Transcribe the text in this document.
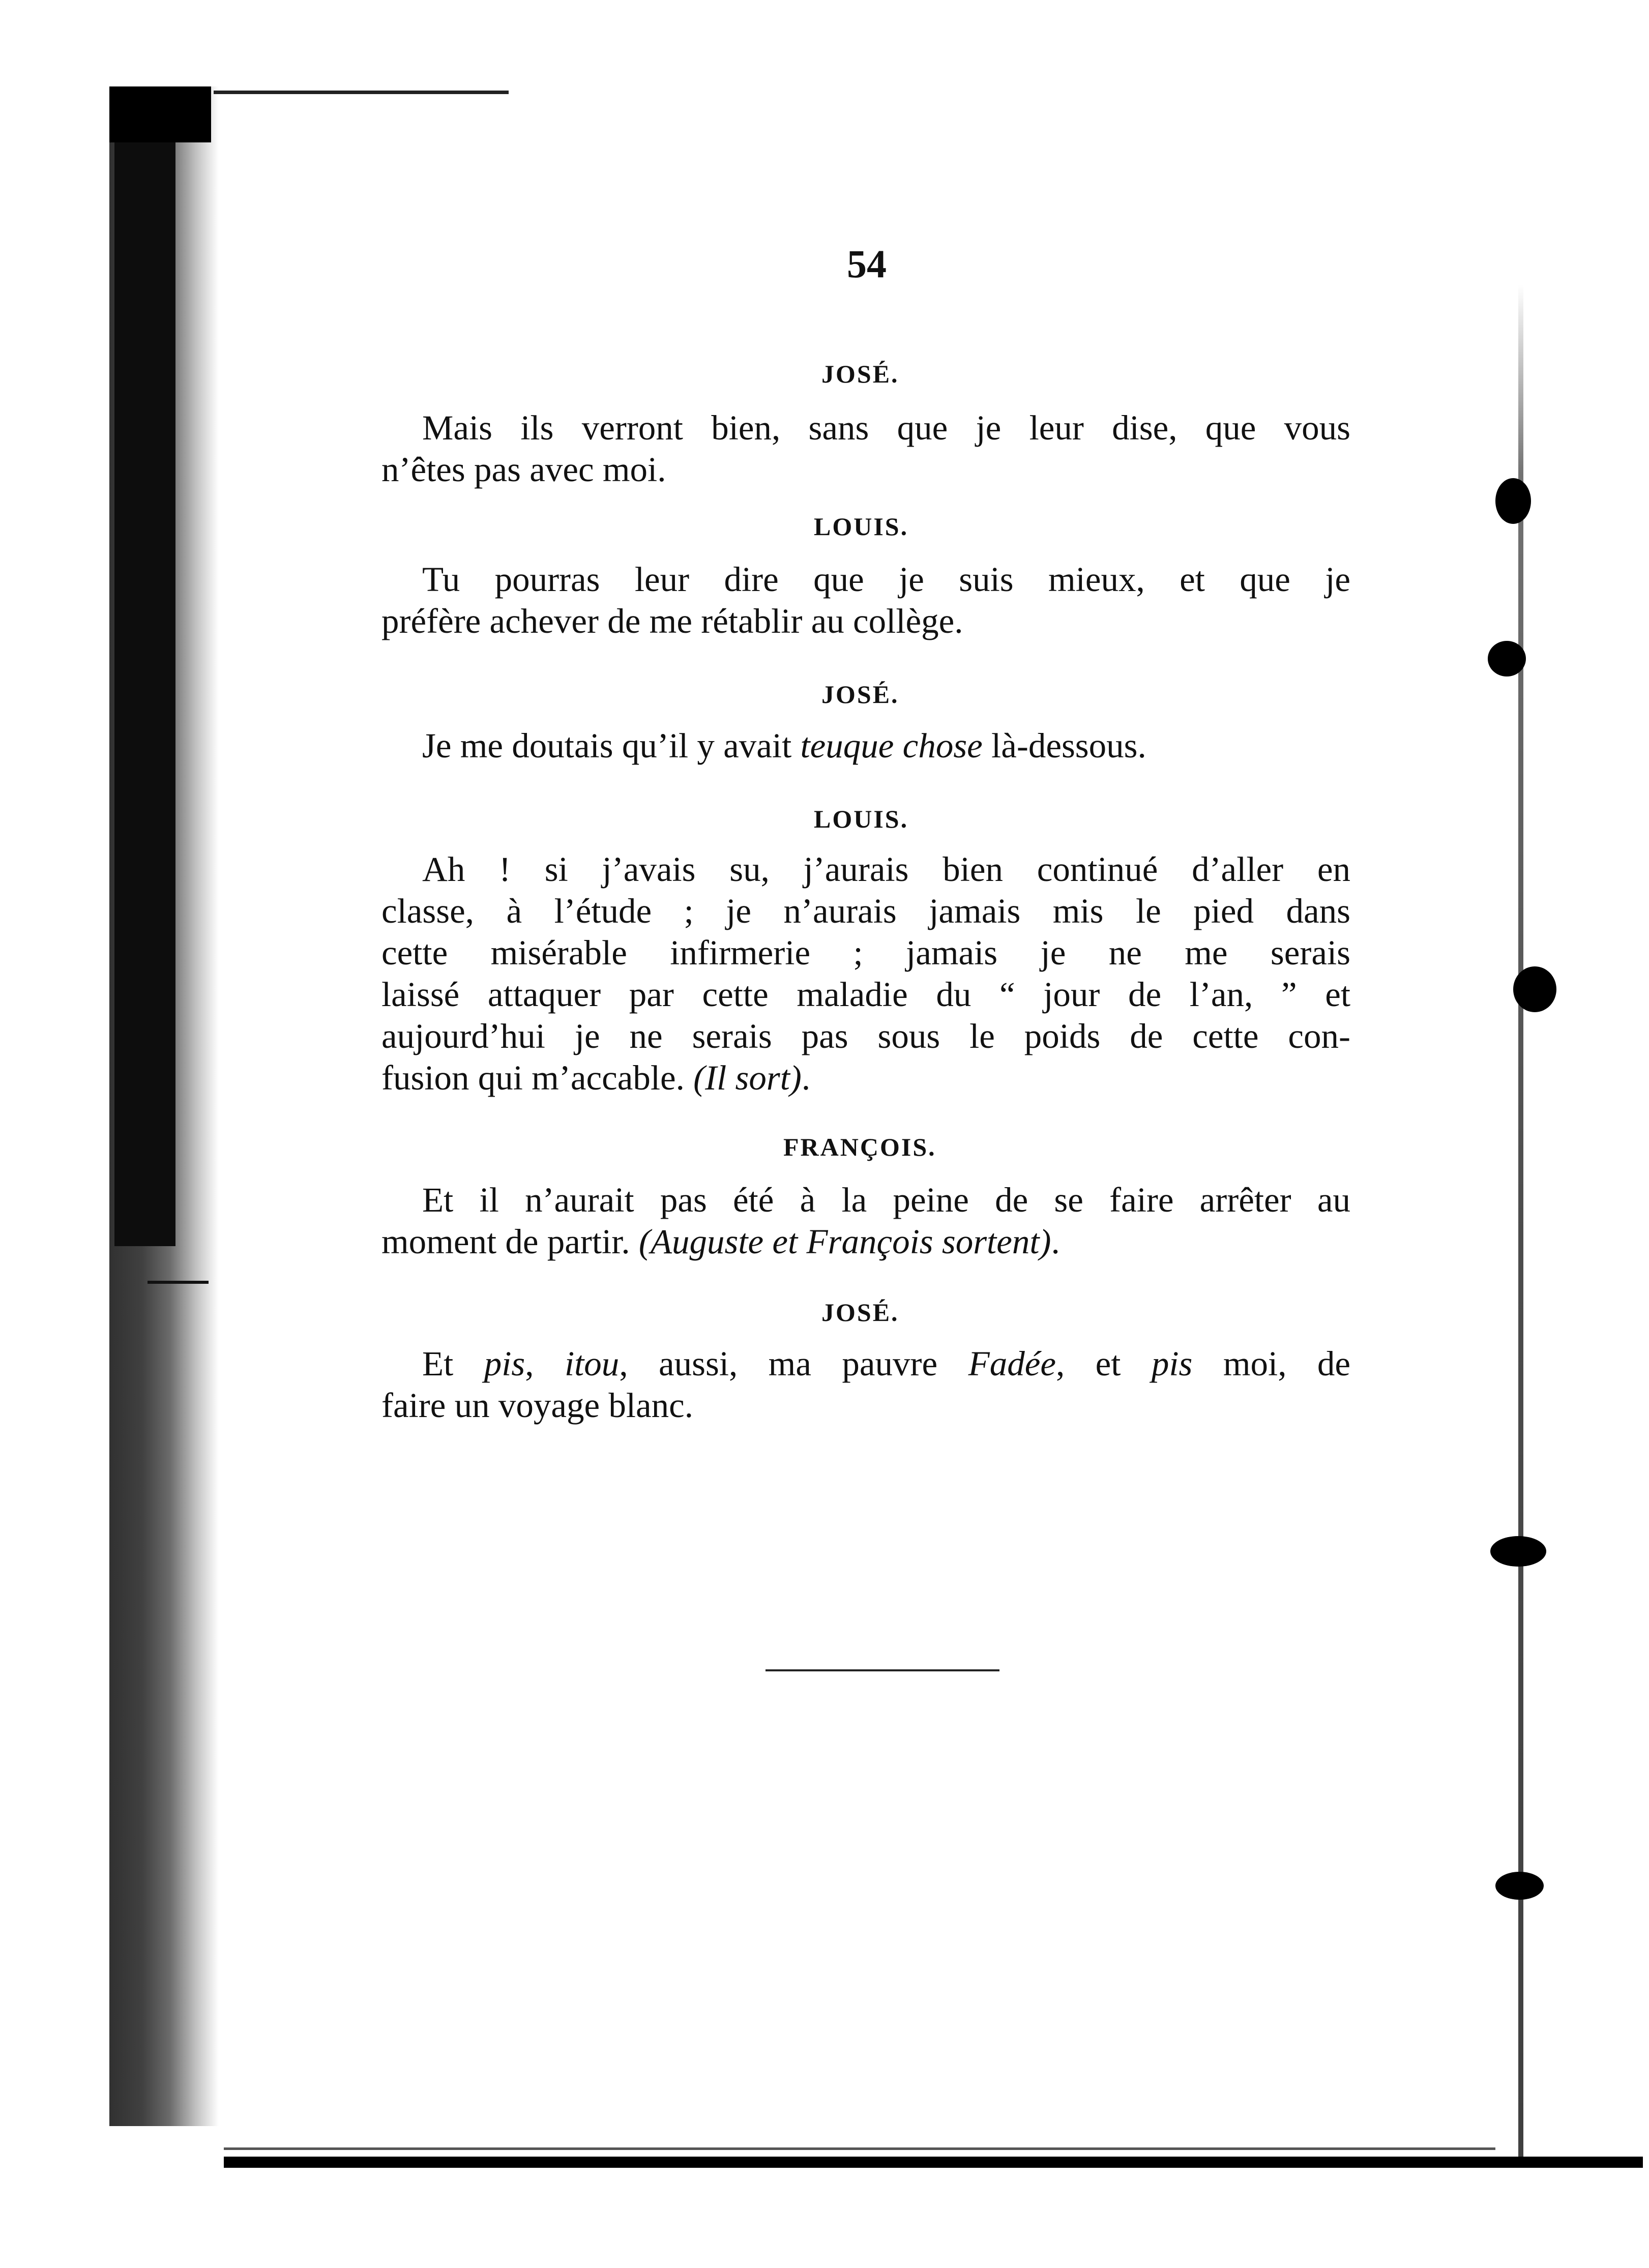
54
JOSÉ.
Mais ils verront bien, sans que je leur dise, que vous
n’êtes pas avec moi.
LOUIS.
Tu pourras leur dire que je suis mieux, et que je
préfère achever de me rétablir au collège.
JOSÉ.
Je me doutais qu’il y avait teuque chose là-dessous.
LOUIS.
Ah ! si j’avais su, j’aurais bien continué d’aller en
classe, à l’étude ; je n’aurais jamais mis le pied dans
cette misérable infirmerie ; jamais je ne me serais
laissé attaquer par cette maladie du “ jour de l’an, ” et
aujourd’hui je ne serais pas sous le poids de cette con-
fusion qui m’accable. (Il sort).
FRANÇOIS.
Et il n’aurait pas été à la peine de se faire arrêter au
moment de partir. (Auguste et François sortent).
JOSÉ.
Et pis, itou, aussi, ma pauvre Fadée, et pis moi, de
faire un voyage blanc.
